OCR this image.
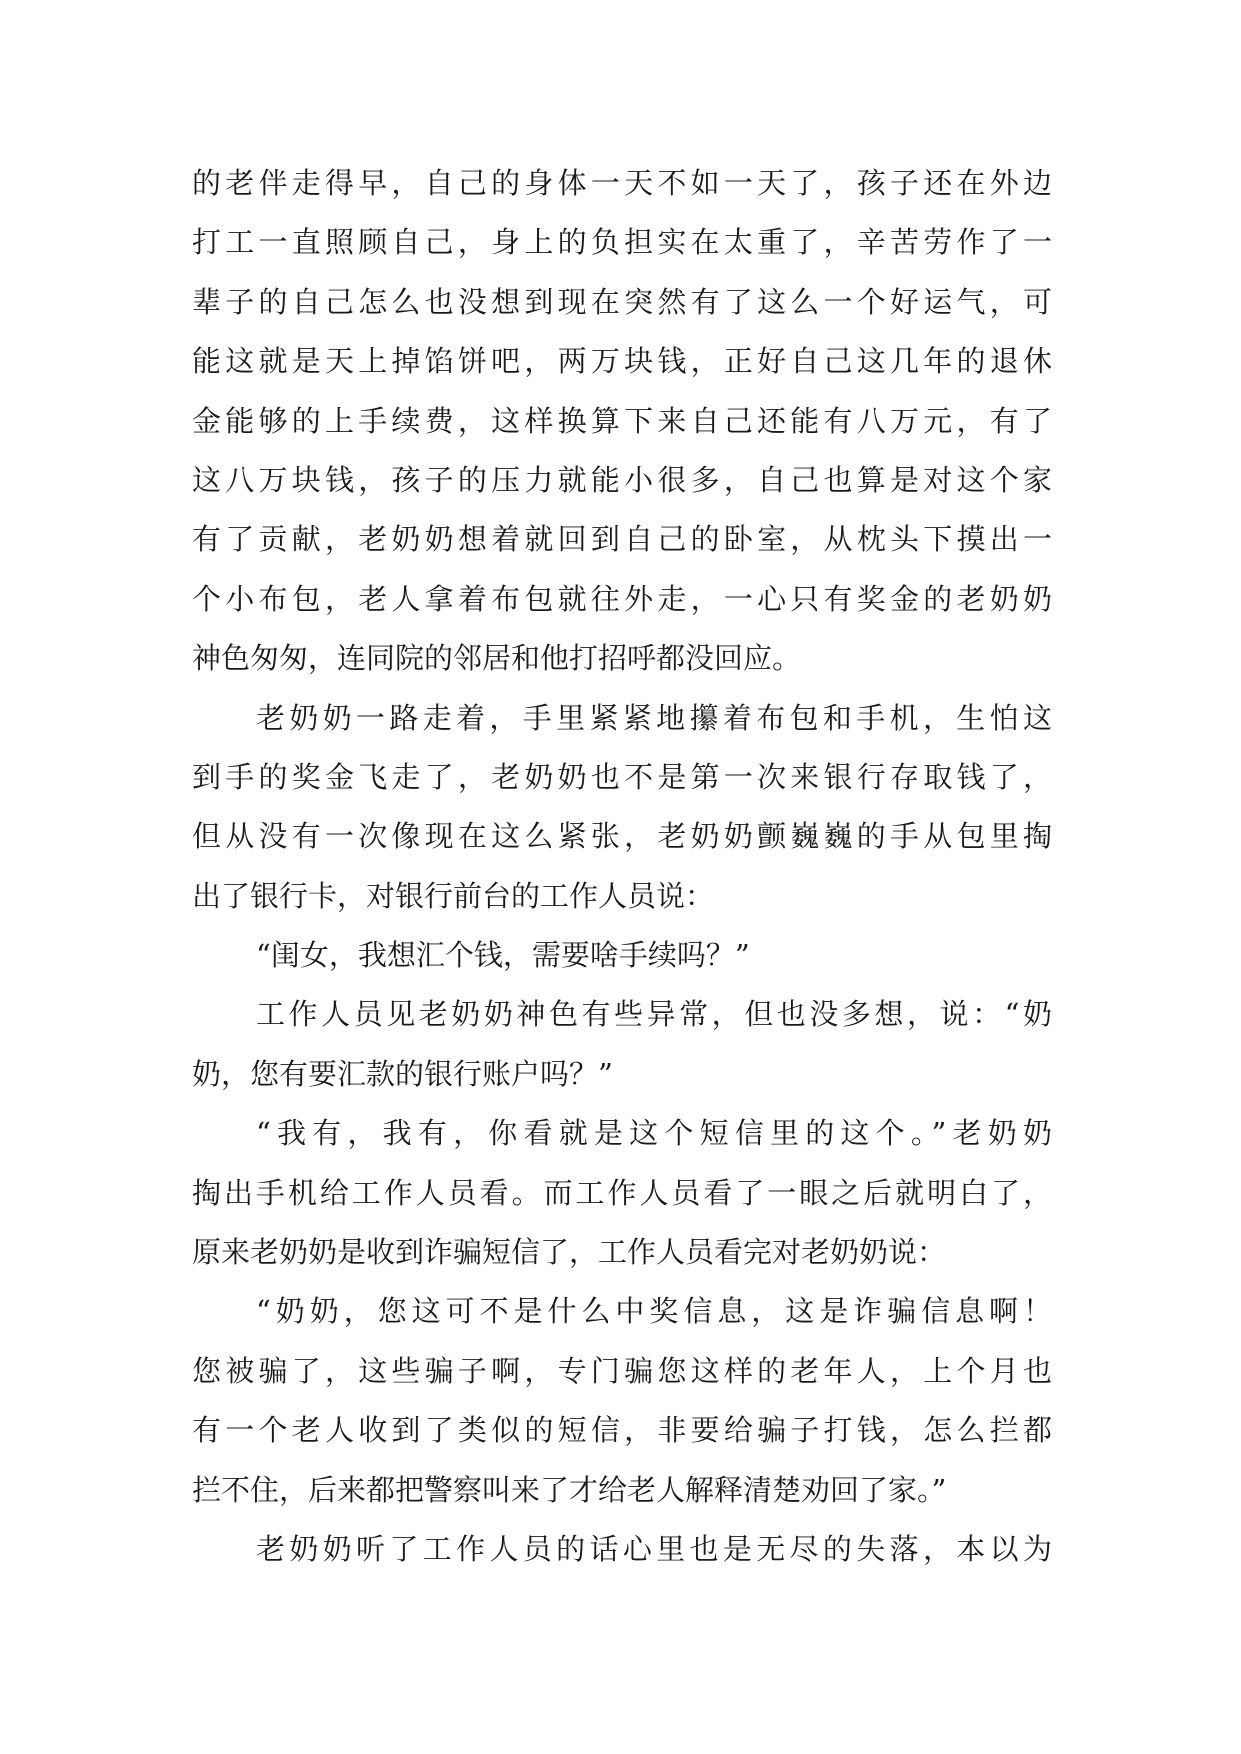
的老伴走得早，自己的身体一天不如一天了，孩子还在外边
打工一直照顾自己，身上的负担实在太重了，辛苦劳作了一
辈子的自己怎么也没想到现在突然有了这么一个好运气，可
能这就是天上掉馅饼吧，两万块钱，正好自己这几年的退休
金能够的上手续费，这样换算下来自己还能有八万元，有了
这八万块钱，孩子的压力就能小很多，自己也算是对这个家
有了贡献，老奶奶想着就回到自己的卧室，从枕头下摸出一
个小布包，老人拿着布包就往外走，一心只有奖金的老奶奶
神色匆匆，连同院的邻居和他打招呼都没回应。
老奶奶一路走着，手里紧紧地攥着布包和手机，生怕这
到手的奖金飞走了，老奶奶也不是第一次来银行存取钱了，
但从没有一次像现在这么紧张，老奶奶颤巍巍的手从包里掏
出了银行卡，对银行前台的工作人员说：
“闺女，我想汇个钱，需要啥手续吗？”
工作人员见老奶奶神色有些异常，但也没多想，说：“奶
奶，您有要汇款的银行账户吗？”
“我有，我有，你看就是这个短信里的这个。”老奶奶
掏出手机给工作人员看。而工作人员看了一眼之后就明白了，
原来老奶奶是收到诈骗短信了，工作人员看完对老奶奶说：
“奶奶，您这可不是什么中奖信息，这是诈骗信息啊！
您被骗了，这些骗子啊，专门骗您这样的老年人，上个月也
有一个老人收到了类似的短信，非要给骗子打钱，怎么拦都
拦不住，后来都把警察叫来了才给老人解释清楚劝回了家。”
老奶奶听了工作人员的话心里也是无尽的失落，本以为
